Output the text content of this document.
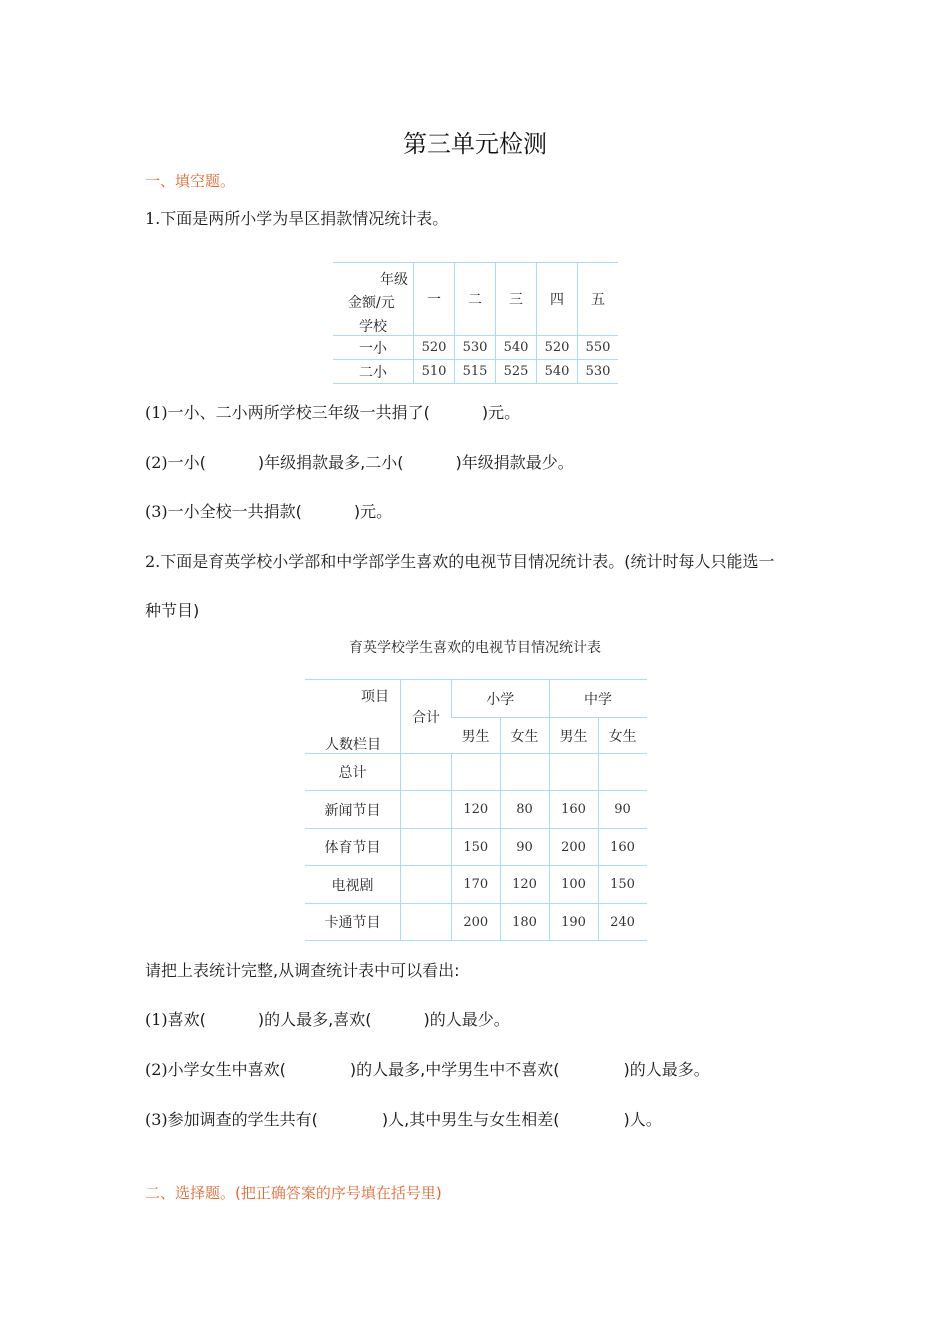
第三单元检测
一、填空题。
1.下面是两所小学为旱区捐款情况统计表。
年级
金额/元
学校	一	二	三	四	五
一小	520	530	540	520	550
二小	510	515	525	540	530
(1)一小、二小两所学校三年级一共捐了(	)元。
(2)一小(	)年级捐款最多,二小(	)年级捐款最少。
(3)一小全校一共捐款(	)元。
2.下面是育英学校小学部和中学部学生喜欢的电视节目情况统计表。(统计时每人只能选一
种节目)
育英学校学生喜欢的电视节目情况统计表
项目
人数栏目	合计	小学		中学	
		男生	女生	男生	女生
总计					
新闻节目		120	80	160	90
体育节目		150	90	200	160
电视剧		170	120	100	150
卡通节目		200	180	190	240
请把上表统计完整,从调查统计表中可以看出:
(1)喜欢(	)的人最多,喜欢(	)的人最少。
(2)小学女生中喜欢(	)的人最多,中学男生中不喜欢(	)的人最多。
(3)参加调查的学生共有(	)人,其中男生与女生相差(	)人。
二、选择题。(把正确答案的序号填在括号里)
